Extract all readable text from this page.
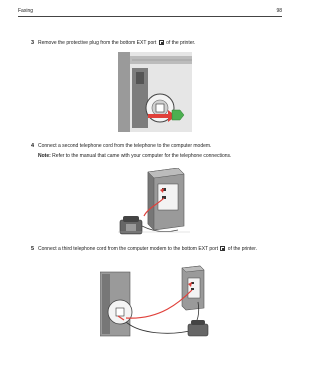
Faxing	98
3 Remove the protective plug from the bottom EXT port of the printer.
4 Connect a second telephone cord from the telephone to the computer modem.
Note: Refer to the manual that came with your computer for the telephone connections.
5 Connect a third telephone cord from the computer modem to the bottom EXT port of the printer.
